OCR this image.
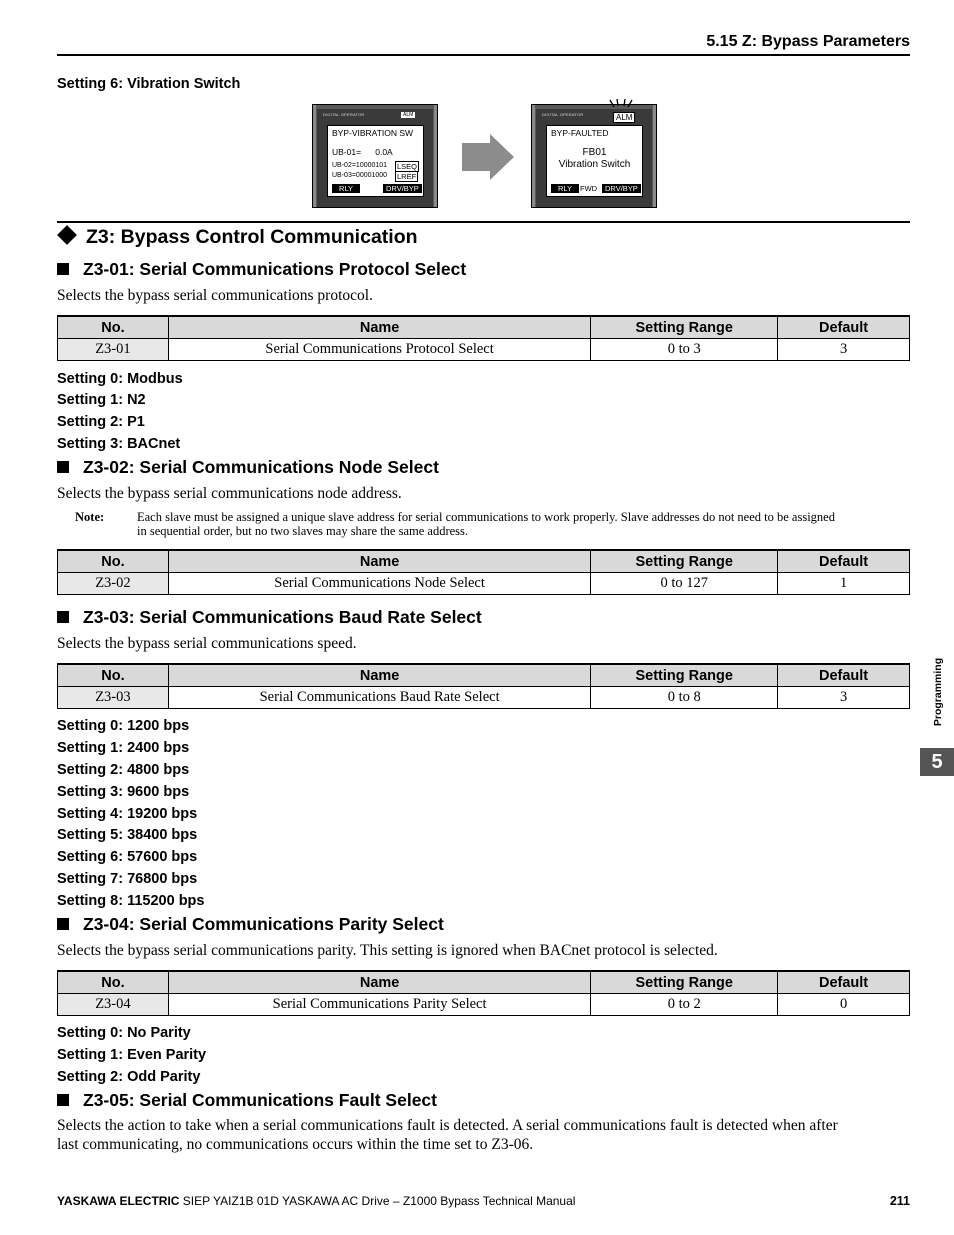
5.15 Z: Bypass Parameters
Setting 6: Vibration Switch
DIGITAL OPERATOR	ALM
BYP-VIBRATION SW
UB-01=      0.0A
UB-02=10000101
UB-03=00001000
LSEQ
LREF
RLY	DRV/BYP
DIGITAL OPERATOR	ALM
BYP-FAULTED
FB01
Vibration Switch
RLY	FWD	DRV/BYP
Z3: Bypass Control Communication
Z3-01: Serial Communications Protocol Select
Selects the bypass serial communications protocol.
No.	Name	Setting Range	Default
Z3-01	Serial Communications Protocol Select	0 to 3	3
Setting 0: Modbus
Setting 1: N2
Setting 2: P1
Setting 3: BACnet
Z3-02: Serial Communications Node Select
Selects the bypass serial communications node address.
Note:	Each slave must be assigned a unique slave address for serial communications to work properly. Slave addresses do not need to be assigned
in sequential order, but no two slaves may share the same address.
No.	Name	Setting Range	Default
Z3-02	Serial Communications Node Select	0 to 127	1
Z3-03: Serial Communications Baud Rate Select
Selects the bypass serial communications speed.
No.	Name	Setting Range	Default
Z3-03	Serial Communications Baud Rate Select	0 to 8	3
Setting 0: 1200 bps
Setting 1: 2400 bps
Setting 2: 4800 bps
Setting 3: 9600 bps
Setting 4: 19200 bps
Setting 5: 38400 bps
Setting 6: 57600 bps
Setting 7: 76800 bps
Setting 8: 115200 bps
Z3-04: Serial Communications Parity Select
Selects the bypass serial communications parity. This setting is ignored when BACnet protocol is selected.
No.	Name	Setting Range	Default
Z3-04	Serial Communications Parity Select	0 to 2	0
Setting 0: No Parity
Setting 1: Even Parity
Setting 2: Odd Parity
Z3-05: Serial Communications Fault Select
Selects the action to take when a serial communications fault is detected. A serial communications fault is detected when after
last communicating, no communications occurs within the time set to Z3-06.
Programming
5
YASKAWA ELECTRIC SIEP YAIZ1B 01D YASKAWA AC Drive – Z1000 Bypass Technical Manual	211
